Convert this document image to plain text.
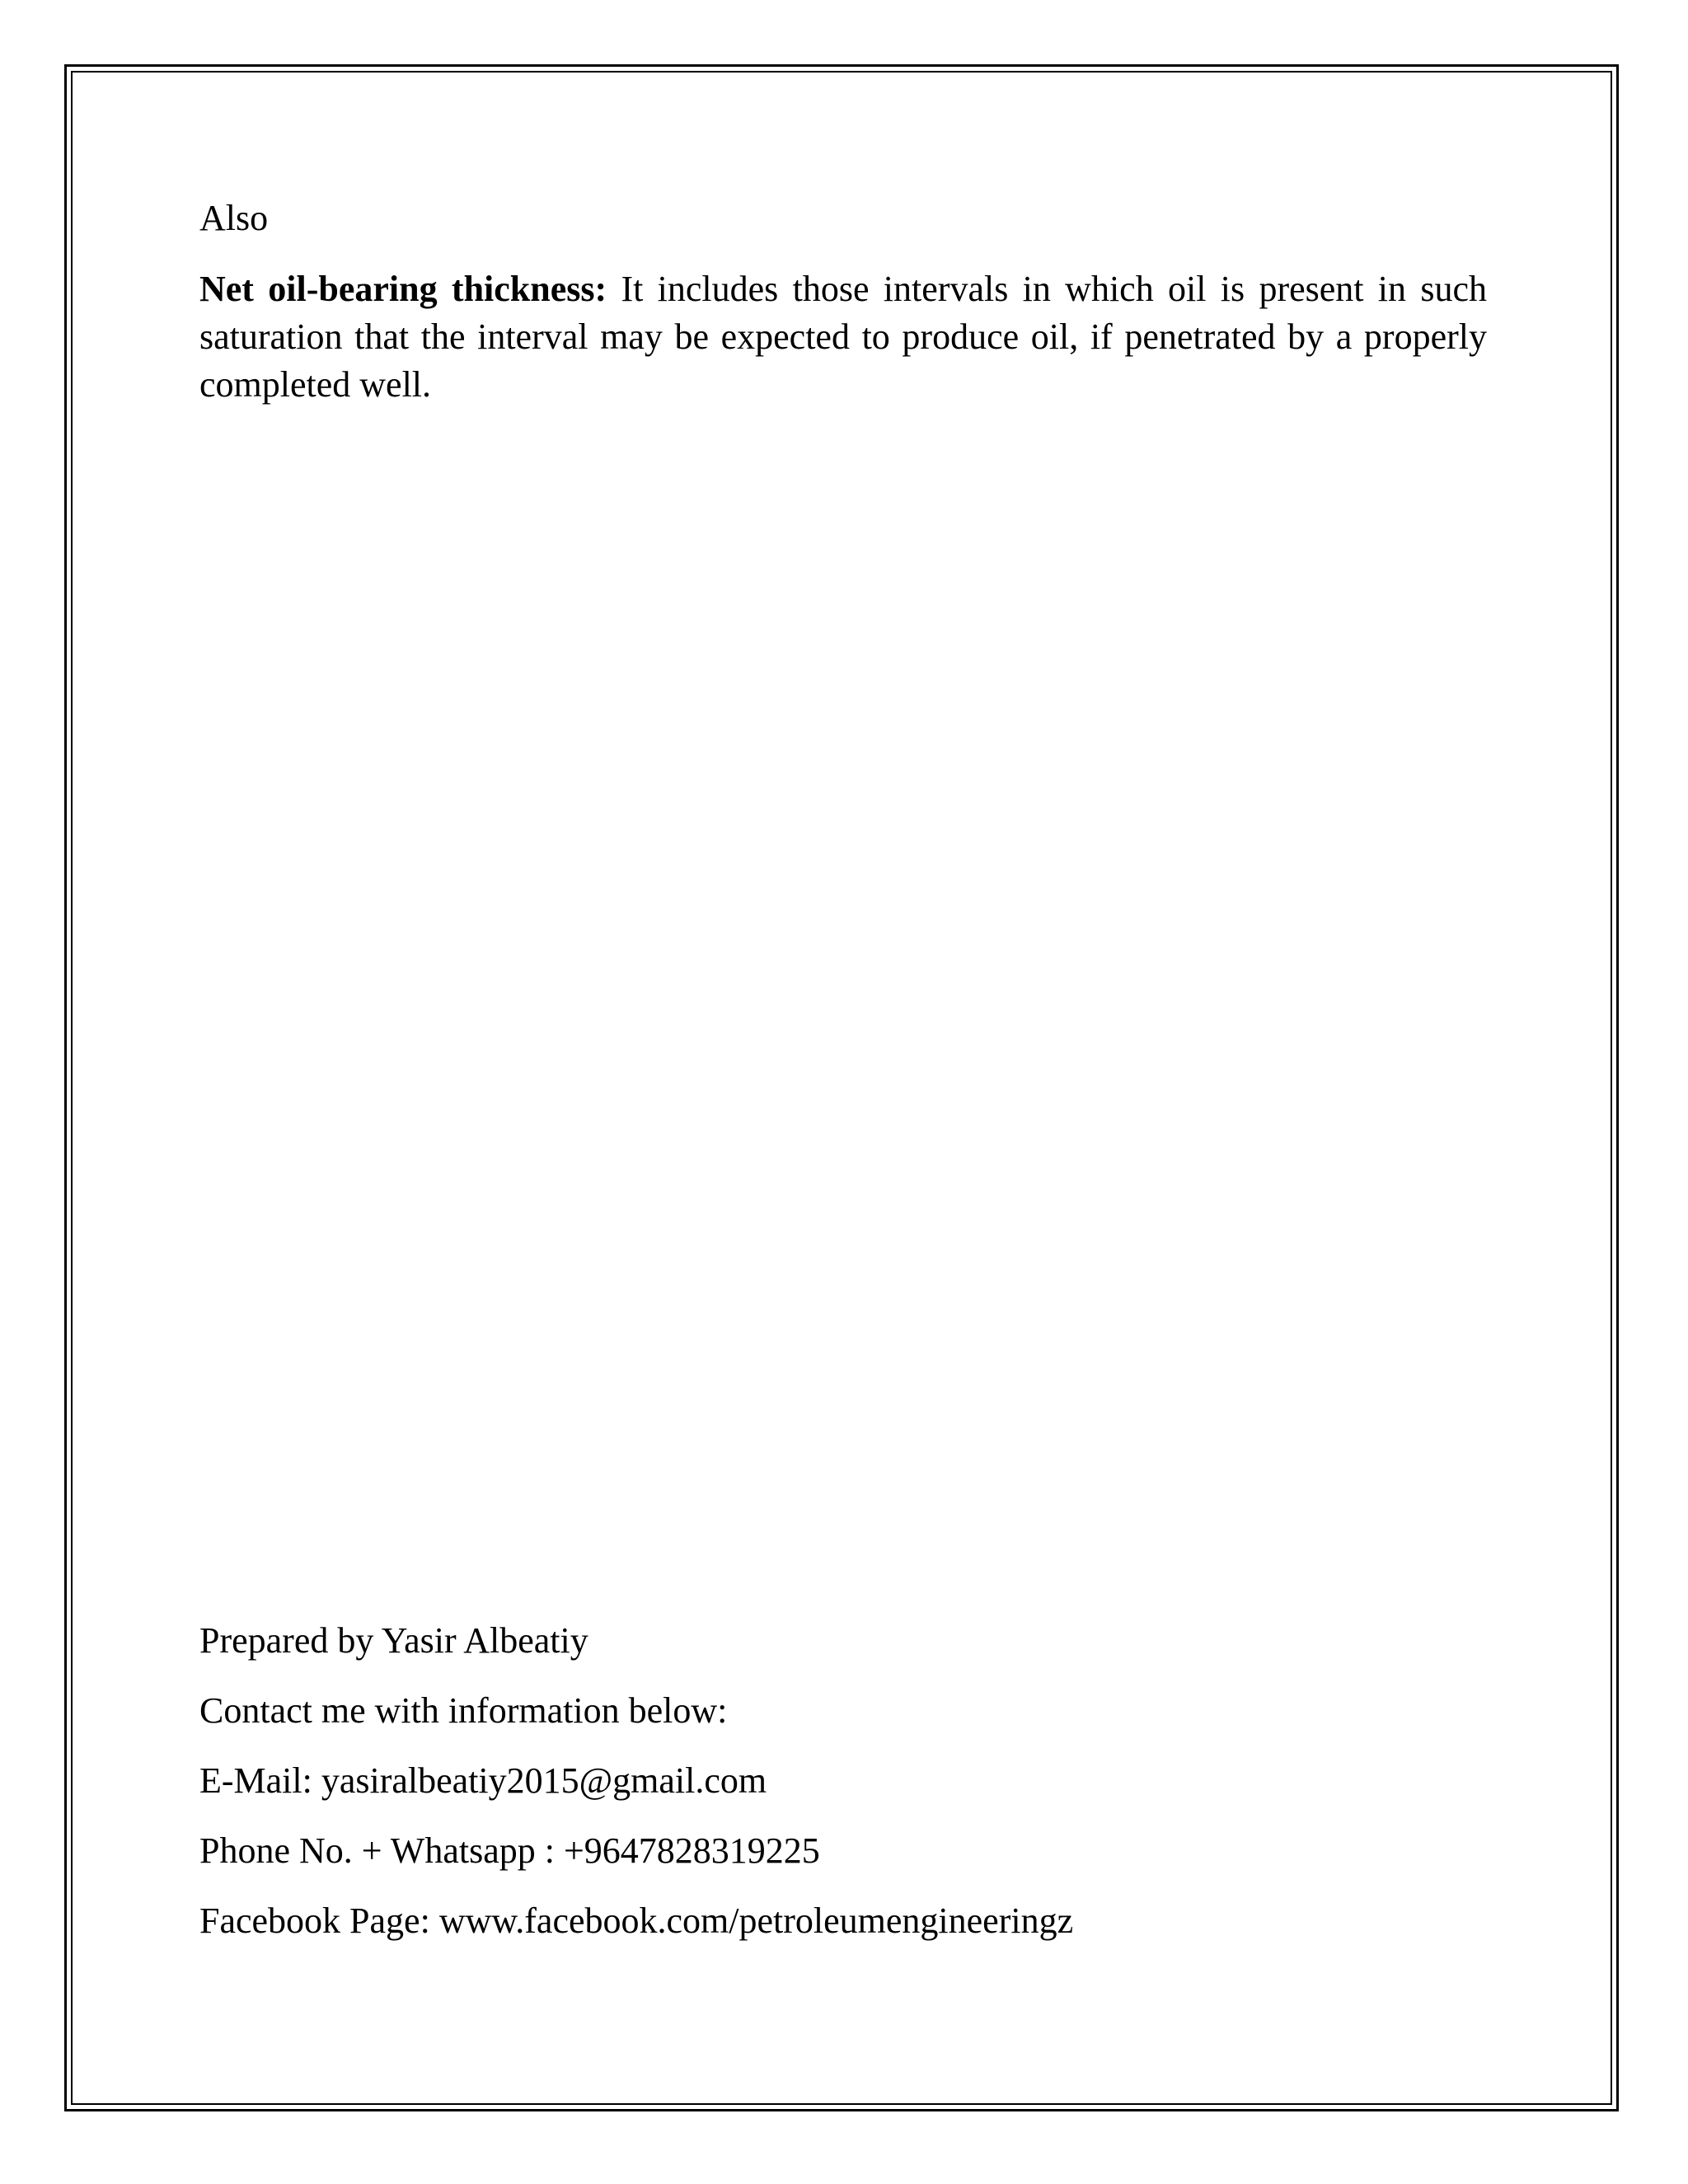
Also

Net oil-bearing thickness: It includes those intervals in which oil is present in such saturation that the interval may be expected to produce oil, if penetrated by a properly completed well.

Prepared by Yasir Albeatiy
Contact me with information below:
E-Mail: yasiralbeatiy2015@gmail.com
Phone No. + Whatsapp : +9647828319225
Facebook Page: www.facebook.com/petroleumengineeringz
